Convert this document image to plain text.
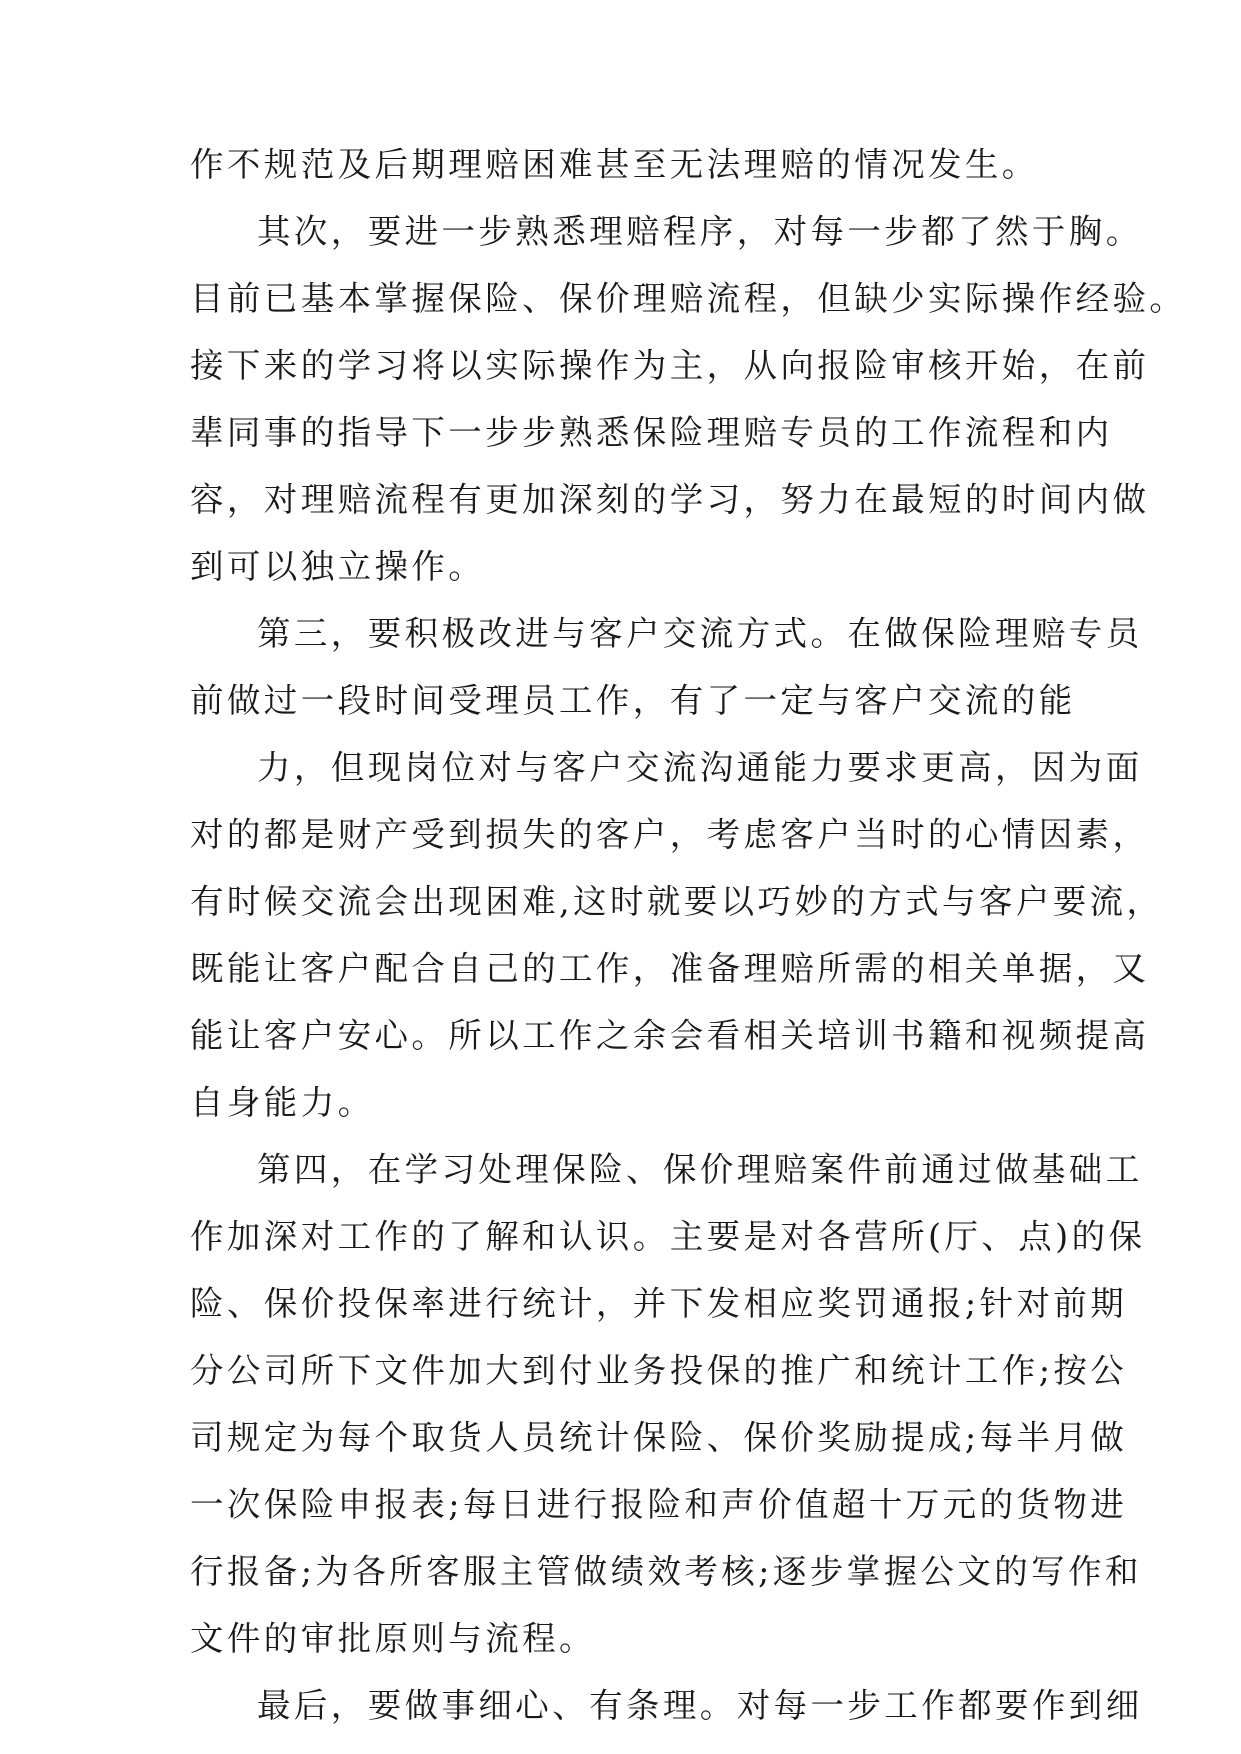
作不规范及后期理赔困难甚至无法理赔的情况发生。
其次，要进一步熟悉理赔程序，对每一步都了然于胸。
目前已基本掌握保险、保价理赔流程，但缺少实际操作经验。
接下来的学习将以实际操作为主，从向报险审核开始，在前
辈同事的指导下一步步熟悉保险理赔专员的工作流程和内
容，对理赔流程有更加深刻的学习，努力在最短的时间内做
到可以独立操作。
第三，要积极改进与客户交流方式。在做保险理赔专员
前做过一段时间受理员工作，有了一定与客户交流的能
力，但现岗位对与客户交流沟通能力要求更高，因为面
对的都是财产受到损失的客户，考虑客户当时的心情因素，
有时候交流会出现困难,这时就要以巧妙的方式与客户要流，
既能让客户配合自己的工作，准备理赔所需的相关单据，又
能让客户安心。所以工作之余会看相关培训书籍和视频提高
自身能力。
第四，在学习处理保险、保价理赔案件前通过做基础工
作加深对工作的了解和认识。主要是对各营所(厅、点)的保
险、保价投保率进行统计，并下发相应奖罚通报;针对前期
分公司所下文件加大到付业务投保的推广和统计工作;按公
司规定为每个取货人员统计保险、保价奖励提成;每半月做
一次保险申报表;每日进行报险和声价值超十万元的货物进
行报备;为各所客服主管做绩效考核;逐步掌握公文的写作和
文件的审批原则与流程。
最后，要做事细心、有条理。对每一步工作都要作到细
